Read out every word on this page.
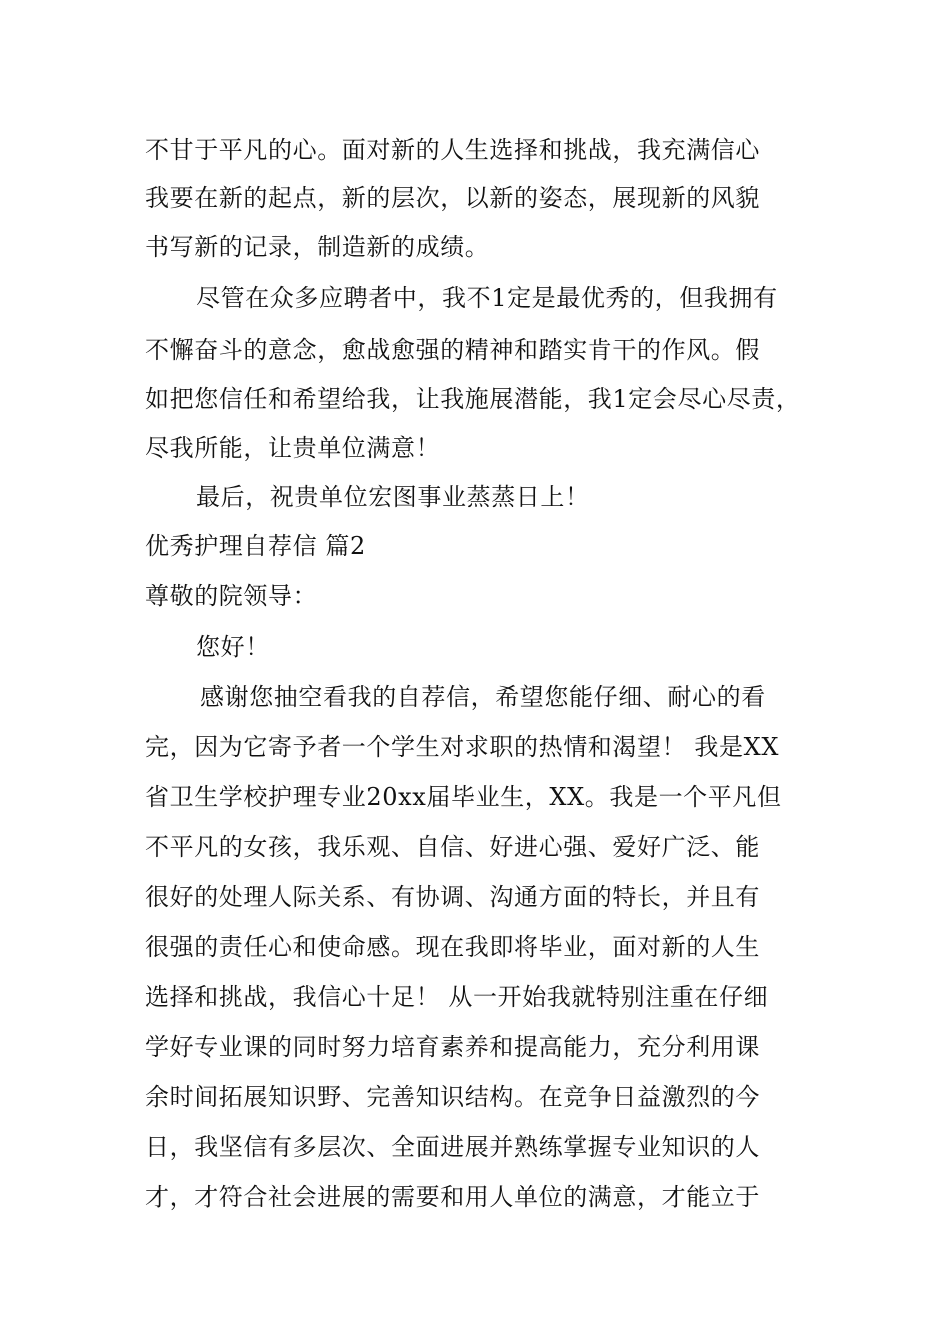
不甘于平凡的心。面对新的人生选择和挑战，我充满信心
我要在新的起点，新的层次，以新的姿态，展现新的风貌
书写新的记录，制造新的成绩。
尽管在众多应聘者中，我不1定是最优秀的，但我拥有
不懈奋斗的意念，愈战愈强的精神和踏实肯干的作风。假
如把您信任和希望给我，让我施展潜能，我1定会尽心尽责，
尽我所能，让贵单位满意！
最后，祝贵单位宏图事业蒸蒸日上！
优秀护理自荐信 篇2
尊敬的院领导：
您好！
感谢您抽空看我的自荐信，希望您能仔细、耐心的看
完，因为它寄予者一个学生对求职的热情和渴望！ 我是XX
省卫生学校护理专业20xx届毕业生，XX。我是一个平凡但
不平凡的女孩，我乐观、自信、好进心强、爱好广泛、能
很好的处理人际关系、有协调、沟通方面的特长，并且有
很强的责任心和使命感。现在我即将毕业，面对新的人生
选择和挑战，我信心十足！ 从一开始我就特别注重在仔细
学好专业课的同时努力培育素养和提高能力，充分利用课
余时间拓展知识野、完善知识结构。在竞争日益激烈的今
日，我坚信有多层次、全面进展并熟练掌握专业知识的人
才，才符合社会进展的需要和用人单位的满意，才能立于
